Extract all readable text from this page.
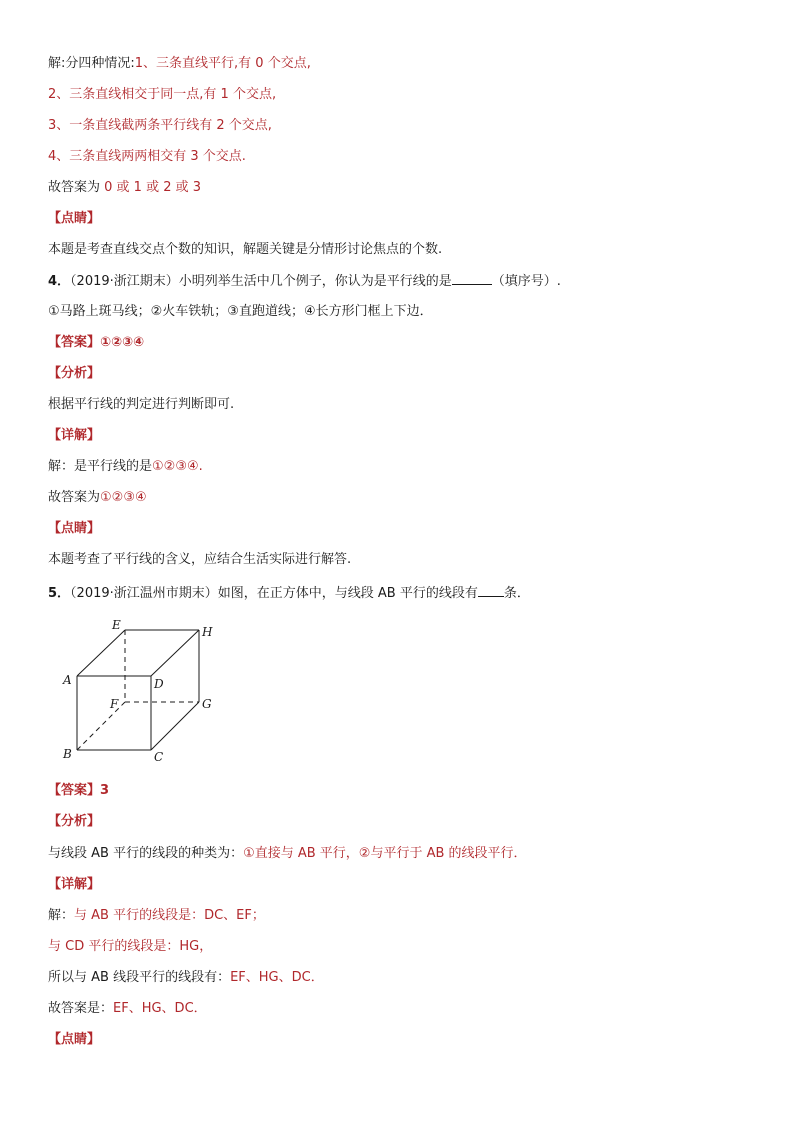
解:分四种情况:1、三条直线平行,有 0 个交点,
2、三条直线相交于同一点,有 1 个交点,
3、一条直线截两条平行线有 2 个交点,
4、三条直线两两相交有 3 个交点.
故答案为 0 或 1 或 2 或 3
【点睛】
本题是考查直线交点个数的知识，解题关键是分情形讨论焦点的个数.
4．（2019·浙江期末）小明列举生活中几个例子，你认为是平行线的是	（填序号）.
①马路上斑马线；②火车铁轨；③直跑道线；④长方形门框上下边．
【答案】①②③④
【分析】
根据平行线的判定进行判断即可.
【详解】
解：是平行线的是①②③④.
故答案为①②③④
【点睛】
本题考查了平行线的含义，应结合生活实际进行解答.
5．（2019·浙江温州市期末）如图，在正方体中，与线段 AB 平行的线段有 条．
E	H
A	D
F	G
B	C
【答案】3
【分析】
与线段 AB 平行的线段的种类为：①直接与 AB 平行，②与平行于 AB 的线段平行．
【详解】
解：与 AB 平行的线段是：DC、EF；
与 CD 平行的线段是：HG，
所以与 AB 线段平行的线段有：EF、HG、DC．
故答案是：EF、HG、DC．
【点睛】
